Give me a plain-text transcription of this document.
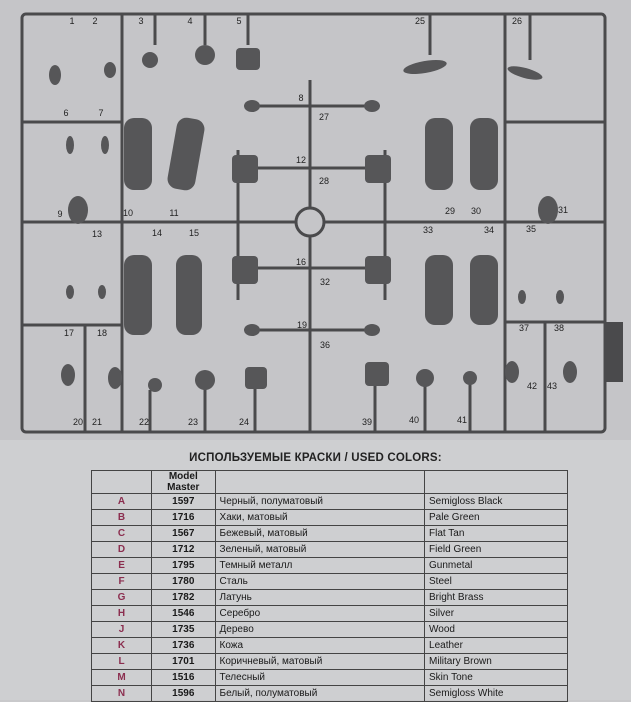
1 2	3	4	5
6	7
8
9	10	11
12
13	14	15
16
17	18
19
20 21	22	23	24
25	26
27
28
29 30	31
32
33	34	35
36
37	38
39	40	41
42 43
ИСПОЛЬЗУЕМЫЕ КРАСКИ / USED COLORS:
	Model Master		
A	1597	Черный, полуматовый	Semigloss Black
B	1716	Хаки, матовый	Pale Green
C	1567	Бежевый, матовый	Flat Tan
D	1712	Зеленый, матовый	Field Green
E	1795	Темный металл	Gunmetal
F	1780	Сталь	Steel
G	1782	Латунь	Bright Brass
H	1546	Серебро	Silver
J	1735	Дерево	Wood
K	1736	Кожа	Leather
L	1701	Коричневый, матовый	Military Brown
M	1516	Телесный	Skin Tone
N	1596	Белый, полуматовый	Semigloss White
